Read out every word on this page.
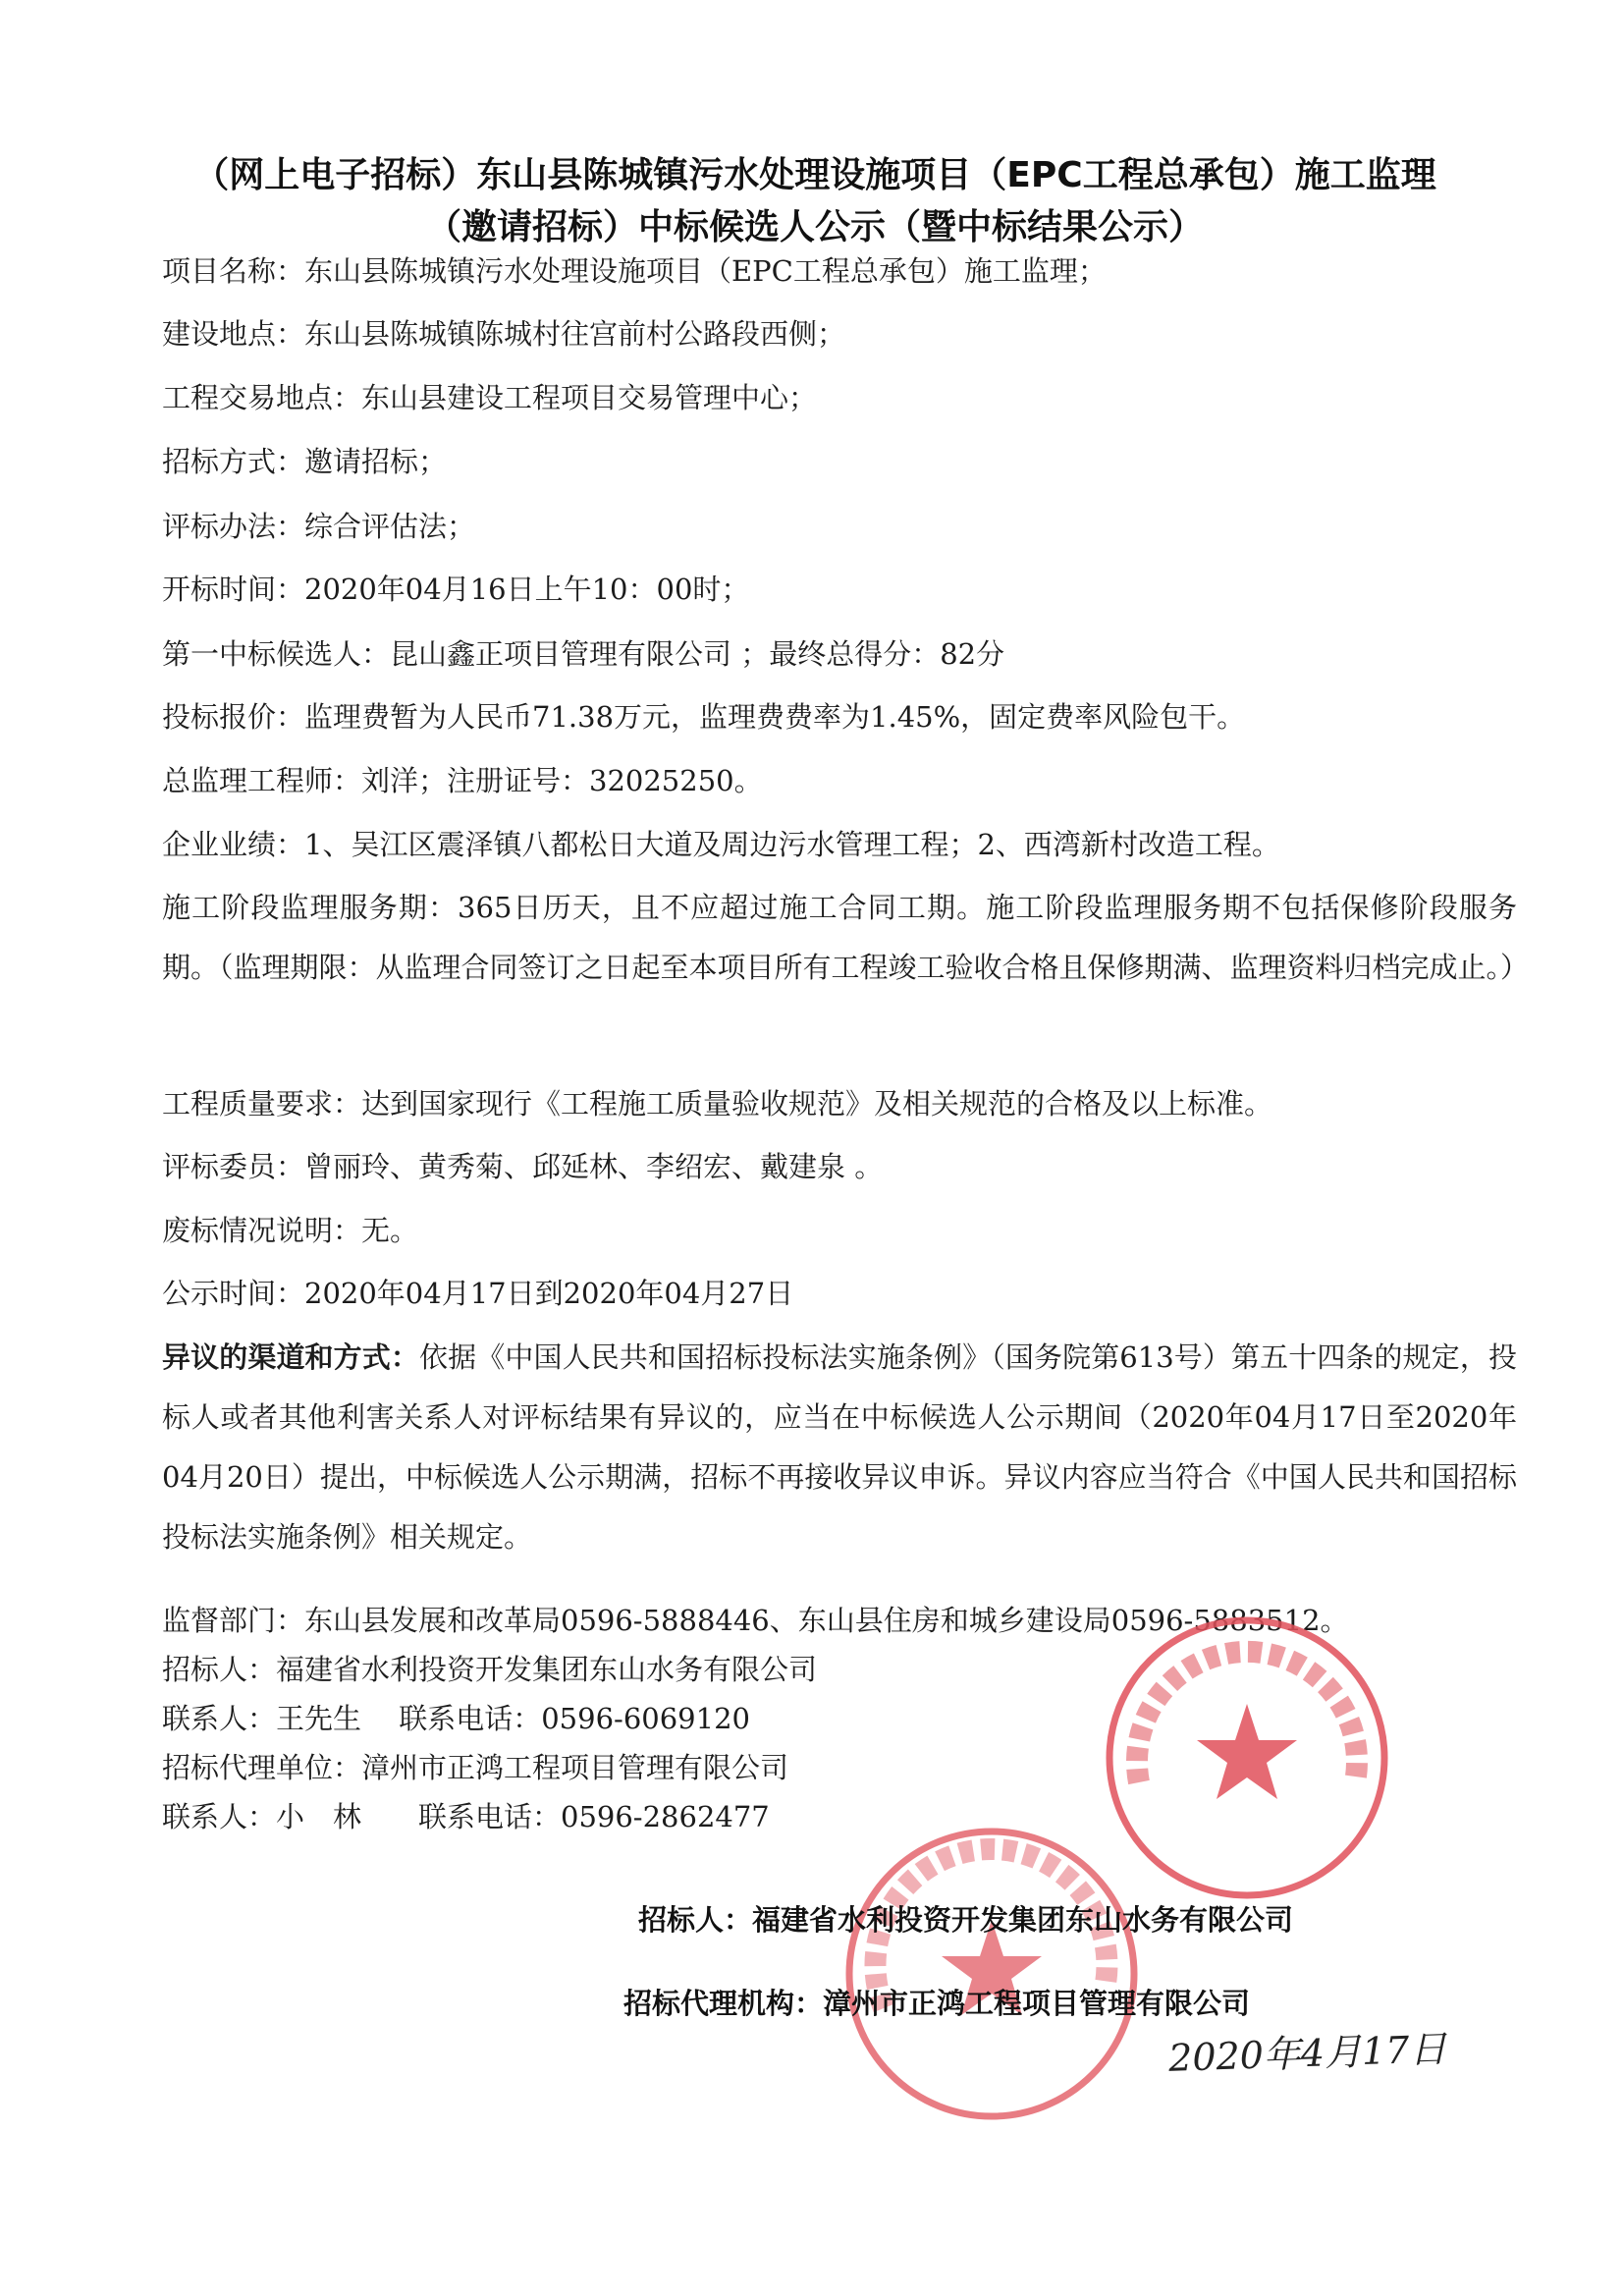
（网上电子招标）东山县陈城镇污水处理设施项目（EPC工程总承包）施工监理
（邀请招标）中标候选人公示（暨中标结果公示）
项目名称：东山县陈城镇污水处理设施项目（EPC工程总承包）施工监理；
建设地点：东山县陈城镇陈城村往宫前村公路段西侧；
工程交易地点：东山县建设工程项目交易管理中心；
招标方式：邀请招标；
评标办法：综合评估法；
开标时间：2020年04月16日上午10：00时；
第一中标候选人：昆山鑫正项目管理有限公司 ；最终总得分：82分
投标报价：监理费暂为人民币71.38万元，监理费费率为1.45%，固定费率风险包干。
总监理工程师：刘洋；注册证号：32025250。
企业业绩：1、吴江区震泽镇八都松日大道及周边污水管理工程；2、西湾新村改造工程。
施工阶段监理服务期：365日历天，且不应超过施工合同工期。施工阶段监理服务期不包括保修阶段服务期。（监理期限：从监理合同签订之日起至本项目所有工程竣工验收合格且保修期满、监理资料归档完成止。）
工程质量要求：达到国家现行《工程施工质量验收规范》及相关规范的合格及以上标准。
评标委员：曾丽玲、黄秀菊、邱延林、李绍宏、戴建泉 。
废标情况说明：无。
公示时间：2020年04月17日到2020年04月27日
异议的渠道和方式：依据《中国人民共和国招标投标法实施条例》（国务院第613号）第五十四条的规定，投标人或者其他利害关系人对评标结果有异议的，应当在中标候选人公示期间（2020年04月17日至2020年04月20日）提出，中标候选人公示期满，招标不再接收异议申诉。异议内容应当符合《中国人民共和国招标投标法实施条例》相关规定。
监督部门：东山县发展和改革局0596-5888446、东山县住房和城乡建设局0596-5883512。
招标人：福建省水利投资开发集团东山水务有限公司
联系人：王先生　 联系电话：0596-6069120
招标代理单位：漳州市正鸿工程项目管理有限公司
联系人：小　林　　联系电话：0596-2862477
招标人：福建省水利投资开发集团东山水务有限公司
招标代理机构：漳州市正鸿工程项目管理有限公司
2020年4月17日
